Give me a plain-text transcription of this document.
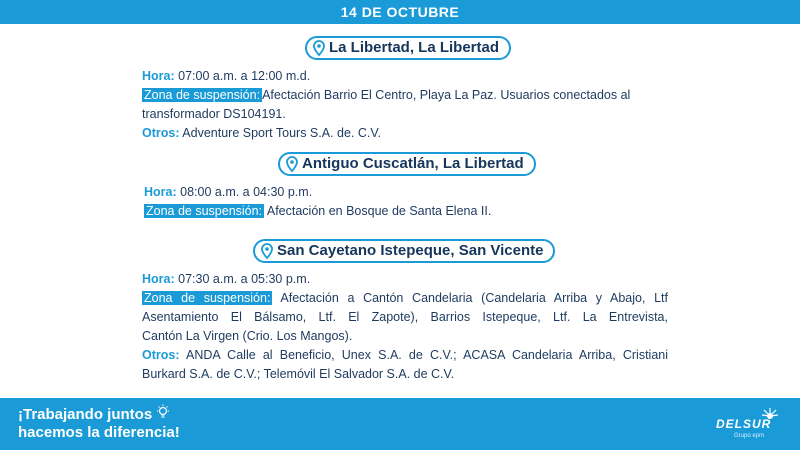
14 DE OCTUBRE
La Libertad, La Libertad
Hora: 07:00 a.m. a 12:00 m.d.
Zona de suspensión: Afectación Barrio El Centro, Playa La Paz. Usuarios conectados al
transformador DS104191.
Otros: Adventure Sport Tours S.A. de. C.V.
Antiguo Cuscatlán, La Libertad
Hora: 08:00 a.m. a 04:30 p.m.
Zona de suspensión: Afectación en Bosque de Santa Elena II.
San Cayetano Istepeque, San Vicente
Hora: 07:30 a.m. a 05:30 p.m.
Zona de suspensión: Afectación a Cantón Candelaria (Candelaria Arriba y Abajo, Ltf
Asentamiento El Bálsamo, Ltf. El Zapote), Barrios Istepeque, Ltf. La Entrevista,
Cantón La Virgen (Crio. Los Mangos).
Otros: ANDA Calle al Beneficio, Unex S.A. de C.V.; ACASA Candelaria Arriba, Cristiani
Burkard S.A. de C.V.; Telemóvil El Salvador S.A. de C.V.
¡Trabajando juntos
hacemos la diferencia!	DELSUR
Grupo epm
